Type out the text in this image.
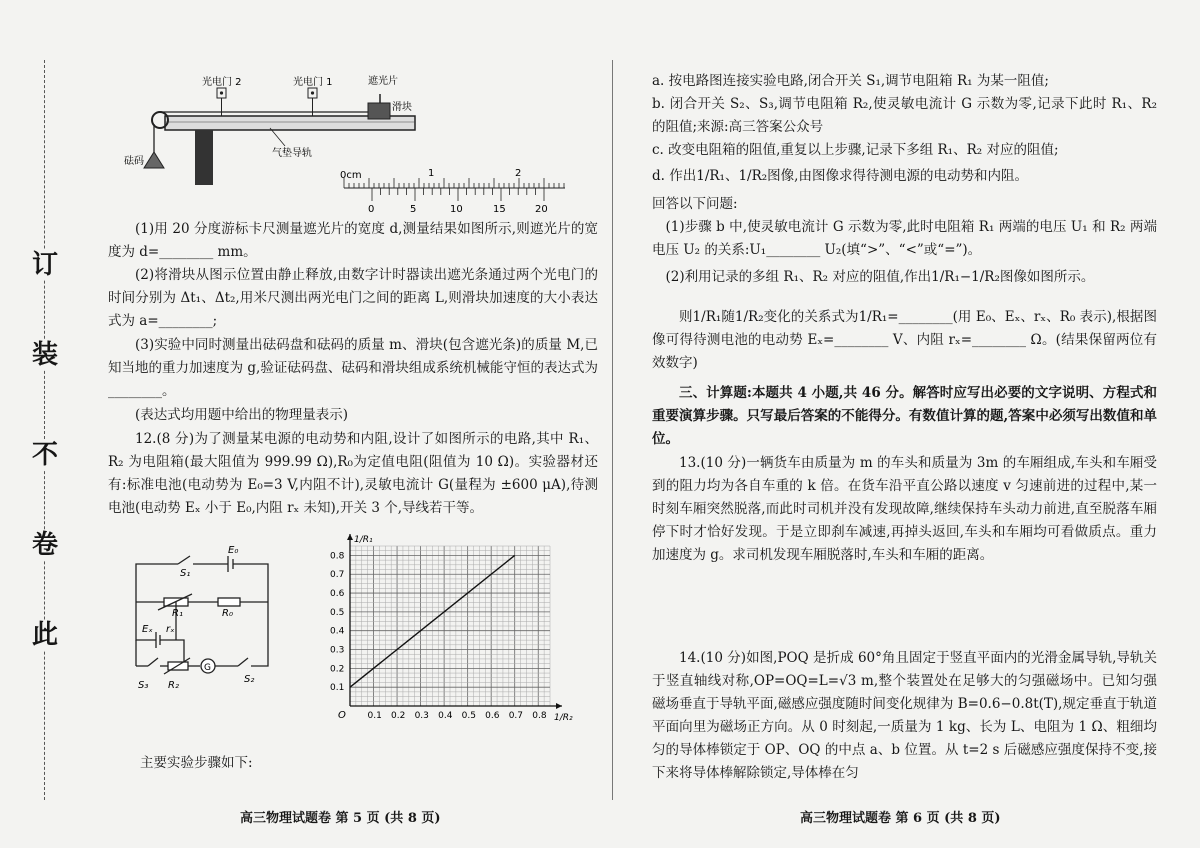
订
装
不
卷
此
光电门 2	光电门 1	遮光片
滑块
砝码
气垫导轨
0cm	1	2
0	5	10	15	20
(1)用 20 分度游标卡尺测量遮光片的宽度 d,测量结果如图所示,则遮光片的宽度为 d=________ mm。
(2)将滑块从图示位置由静止释放,由数字计时器读出遮光条通过两个光电门的时间分别为 Δt₁、Δt₂,用米尺测出两光电门之间的距离 L,则滑块加速度的大小表达式为 a=________;
(3)实验中同时测量出砝码盘和砝码的质量 m、滑块(包含遮光条)的质量 M,已知当地的重力加速度为 g,验证砝码盘、砝码和滑块组成系统机械能守恒的表达式为 ________。
(表达式均用题中给出的物理量表示)
12.(8 分)为了测量某电源的电动势和内阻,设计了如图所示的电路,其中 R₁、R₂ 为电阻箱(最大阻值为 999.99 Ω),R₀为定值电阻(阻值为 10 Ω)。实验器材还有:标准电池(电动势为 E₀=3 V,内阻不计),灵敏电流计 G(量程为 ±600 μA),待测电池(电动势 Eₓ 小于 E₀,内阻 rₓ 未知),开关 3 个,导线若干等。
E₀
S₁
R₁	R₀
Eₓ rₓ
G
S₂
S₃ R₂
0.1 0.2 0.3 0.4 0.5 0.6 0.7 0.8
0.1
0.2
0.3
0.4
0.5
0.6
0.7
0.8
O	1/R₂
1/R₁
主要实验步骤如下:
高三物理试题卷 第 5 页 (共 8 页)
a. 按电路图连接实验电路,闭合开关 S₁,调节电阻箱 R₁ 为某一阻值;
b. 闭合开关 S₂、S₃,调节电阻箱 R₂,使灵敏电流计 G 示数为零,记录下此时 R₁、R₂ 的阻值;来源:高三答案公众号
c. 改变电阻箱的阻值,重复以上步骤,记录下多组 R₁、R₂ 对应的阻值;
d. 作出1/R₁、1/R₂图像,由图像求得待测电源的电动势和内阻。
回答以下问题:
(1)步骤 b 中,使灵敏电流计 G 示数为零,此时电阻箱 R₁ 两端的电压 U₁ 和 R₂ 两端电压 U₂ 的关系:U₁________ U₂(填“>”、“<”或“=”)。
(2)利用记录的多组 R₁、R₂ 对应的阻值,作出1/R₁−1/R₂图像如图所示。
则1/R₁随1/R₂变化的关系式为1/R₁=________(用 E₀、Eₓ、rₓ、R₀ 表示),根据图像可得待测电池的电动势 Eₓ=________ V、内阻 rₓ=________ Ω。(结果保留两位有效数字)
三、计算题:本题共 4 小题,共 46 分。解答时应写出必要的文字说明、方程式和重要演算步骤。只写最后答案的不能得分。有数值计算的题,答案中必须写出数值和单位。
13.(10 分)一辆货车由质量为 m 的车头和质量为 3m 的车厢组成,车头和车厢受到的阻力均为各自车重的 k 倍。在货车沿平直公路以速度 v 匀速前进的过程中,某一时刻车厢突然脱落,而此时司机并没有发现故障,继续保持车头动力前进,直至脱落车厢停下时才恰好发现。于是立即刹车减速,再掉头返回,车头和车厢均可看做质点。重力加速度为 g。求司机发现车厢脱落时,车头和车厢的距离。
14.(10 分)如图,POQ 是折成 60°角且固定于竖直平面内的光滑金属导轨,导轨关于竖直轴线对称,OP=OQ=L=√3 m,整个装置处在足够大的匀强磁场中。已知匀强磁场垂直于导轨平面,磁感应强度随时间变化规律为 B=0.6−0.8t(T),规定垂直于轨道平面向里为磁场正方向。从 0 时刻起,一质量为 1 kg、长为 L、电阻为 1 Ω、粗细均匀的导体棒锁定于 OP、OQ 的中点 a、b 位置。从 t=2 s 后磁感应强度保持不变,接下来将导体棒解除锁定,导体棒在匀
高三物理试题卷 第 6 页 (共 8 页)
